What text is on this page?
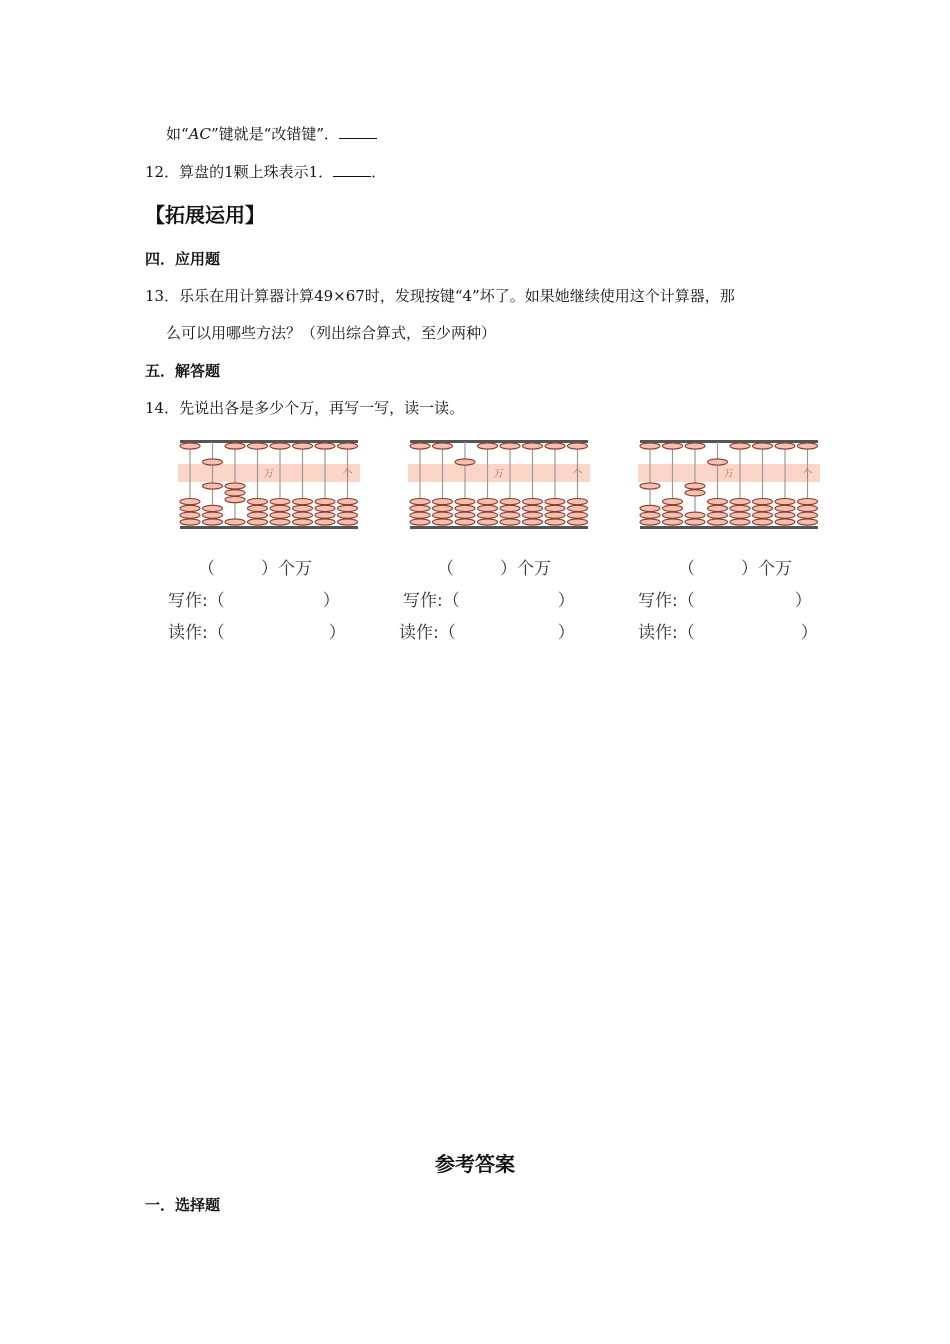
如“AC”键就是“改错键”．
12．算盘的1颗上珠表示1．	．
【拓展运用】
四．应用题
13．乐乐在用计算器计算49×67时，发现按键“4”坏了。如果她继续使用这个计算器，那
么可以用哪些方法？（列出综合算式，至少两种）
五．解答题
14．先说出各是多少个万，再写一写，读一读。
万	个	万	个	万	个
（	）个万
写作:（	）
读作:（	）
（	）个万
写作:（	）
读作:（	）
（	）个万
写作:（	）
读作:（	）
参考答案
一．选择题
